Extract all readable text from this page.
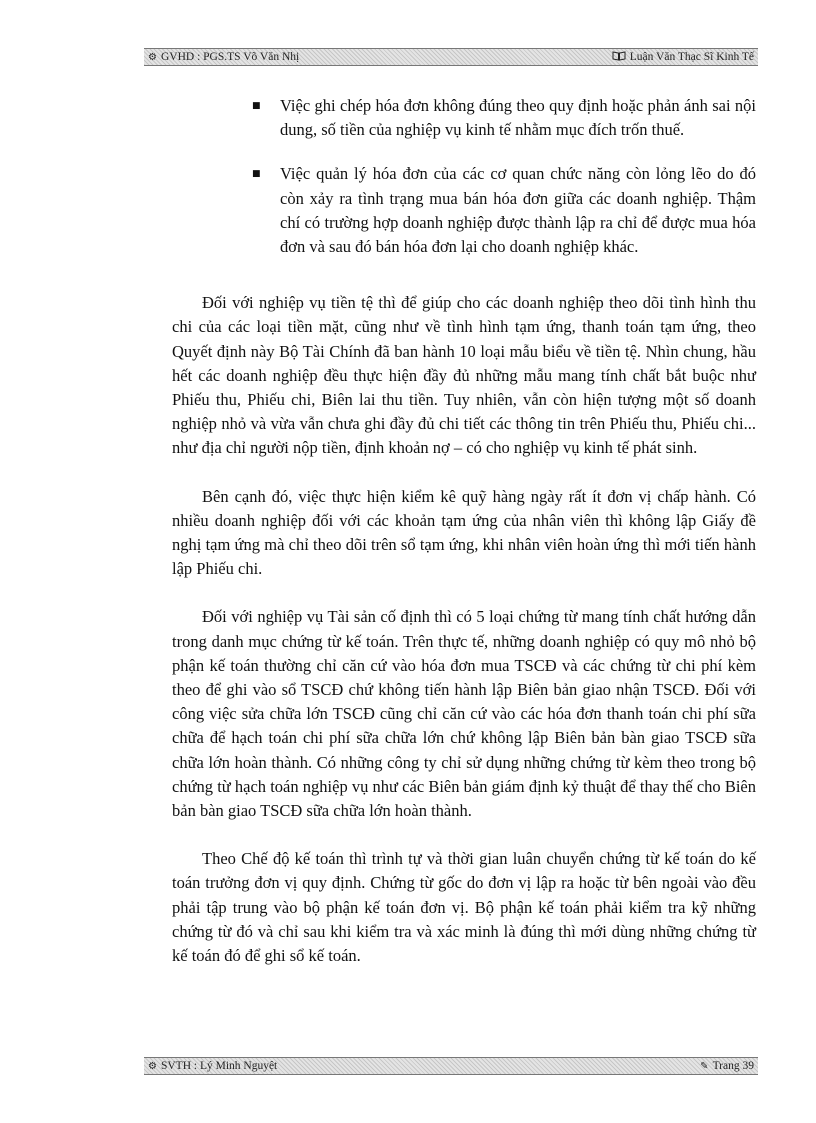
⚙ GVHD : PGS.TS Võ Văn Nhị	Luận Văn Thạc Sĩ Kinh Tế
■	Việc ghi chép hóa đơn không đúng theo quy định hoặc phản ánh sai nội dung, số tiền của nghiệp vụ kinh tế nhằm mục đích trốn thuế.
■	Việc quản lý hóa đơn của các cơ quan chức năng còn lỏng lẽo do đó còn xảy ra tình trạng mua bán hóa đơn giữa các doanh nghiệp. Thậm chí có trường hợp doanh nghiệp được thành lập ra chỉ để được mua hóa đơn và sau đó bán hóa đơn lại cho doanh nghiệp khác.

Đối với nghiệp vụ tiền tệ thì để giúp cho các doanh nghiệp theo dõi tình hình thu chi của các loại tiền mặt, cũng như về tình hình tạm ứng, thanh toán tạm ứng, theo Quyết định này Bộ Tài Chính đã ban hành 10 loại mẫu biểu về tiền tệ. Nhìn chung, hầu hết các doanh nghiệp đều thực hiện đầy đủ những mẫu mang tính chất bắt buộc như Phiếu thu, Phiếu chi, Biên lai thu tiền. Tuy nhiên, vẫn còn hiện tượng một số doanh nghiệp nhỏ và vừa vẫn chưa ghi đầy đủ chi tiết các thông tin trên Phiếu thu, Phiếu chi... như địa chỉ người nộp tiền, định khoản nợ – có cho nghiệp vụ kinh tế phát sinh.

Bên cạnh đó, việc thực hiện kiểm kê quỹ hàng ngày rất ít đơn vị chấp hành. Có nhiều doanh nghiệp đối với các khoản tạm ứng của nhân viên thì không lập Giấy đề nghị tạm ứng mà chỉ theo dõi trên sổ tạm ứng, khi nhân viên hoàn ứng thì mới tiến hành lập Phiếu chi.

Đối với nghiệp vụ Tài sản cố định thì có 5 loại chứng từ mang tính chất hướng dẫn trong danh mục chứng từ kế toán. Trên thực tế, những doanh nghiệp có quy mô nhỏ bộ phận kế toán thường chỉ căn cứ vào hóa đơn mua TSCĐ và các chứng từ chi phí kèm theo để ghi vào sổ TSCĐ chứ không tiến hành lập Biên bản giao nhận TSCĐ. Đối với công việc sửa chữa lớn TSCĐ cũng chỉ căn cứ vào các hóa đơn thanh toán chi phí sữa chữa để hạch toán chi phí sữa chữa lớn chứ không lập Biên bản bàn giao TSCĐ sữa chữa lớn hoàn thành. Có những công ty chỉ sử dụng những chứng từ kèm theo trong bộ chứng từ hạch toán nghiệp vụ như các Biên bản giám định kỷ thuật để thay thế cho Biên bản bàn giao TSCĐ sữa chữa lớn hoàn thành.

Theo Chế độ kế toán thì trình tự và thời gian luân chuyển chứng từ kế toán do kế toán trưởng đơn vị quy định. Chứng từ gốc do đơn vị lập ra hoặc từ bên ngoài vào đều phải tập trung vào bộ phận kế toán đơn vị. Bộ phận kế toán phải kiểm tra kỹ những chứng từ đó và chỉ sau khi kiểm tra và xác minh là đúng thì mới dùng những chứng từ kế toán đó để ghi sổ kế toán.

⚙ SVTH : Lý Minh Nguyệt	✎ Trang 39
